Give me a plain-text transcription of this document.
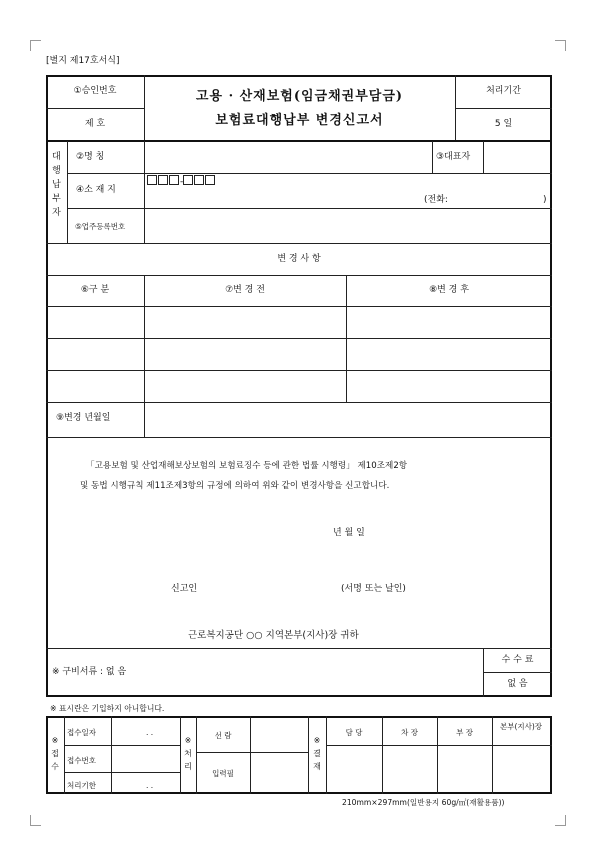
[별지 제17호서식]
①승인번호
제 호
고용 · 산재보험(임금채권부담금)
보험료대행납부 변경신고서
처리기간
5 일
대
행
납
부
자
②명 칭	③대표자
④소 재 지
-
(전화:	)
⑤업주등록번호
변 경 사 항
⑥구 분	⑦변 경 전	⑧변 경 후
⑨변경 년월일
「고용보험 및 산업재해보상보험의 보험료징수 등에 관한 법률 시행령」 제10조제2항
및 동법 시행규칙 제11조제3항의 규정에 의하여 위와 같이 변경사항을 신고합니다.
년 월 일
신고인	(서명 또는 날인)
근로복지공단 ○○ 지역본부(지사)장 귀하
※ 구비서류 : 없 음
수 수 료
없 음
※ 표시란은 기입하지 아니합니다.
※
접
수
접수일자	. .
접수번호
처리기한	. .
※
처
리
선 람
입력필
※
결
재
담 당	차 장	부 장
본부(지사)장
210mm×297mm(일반용지 60g/㎡(재활용품))
